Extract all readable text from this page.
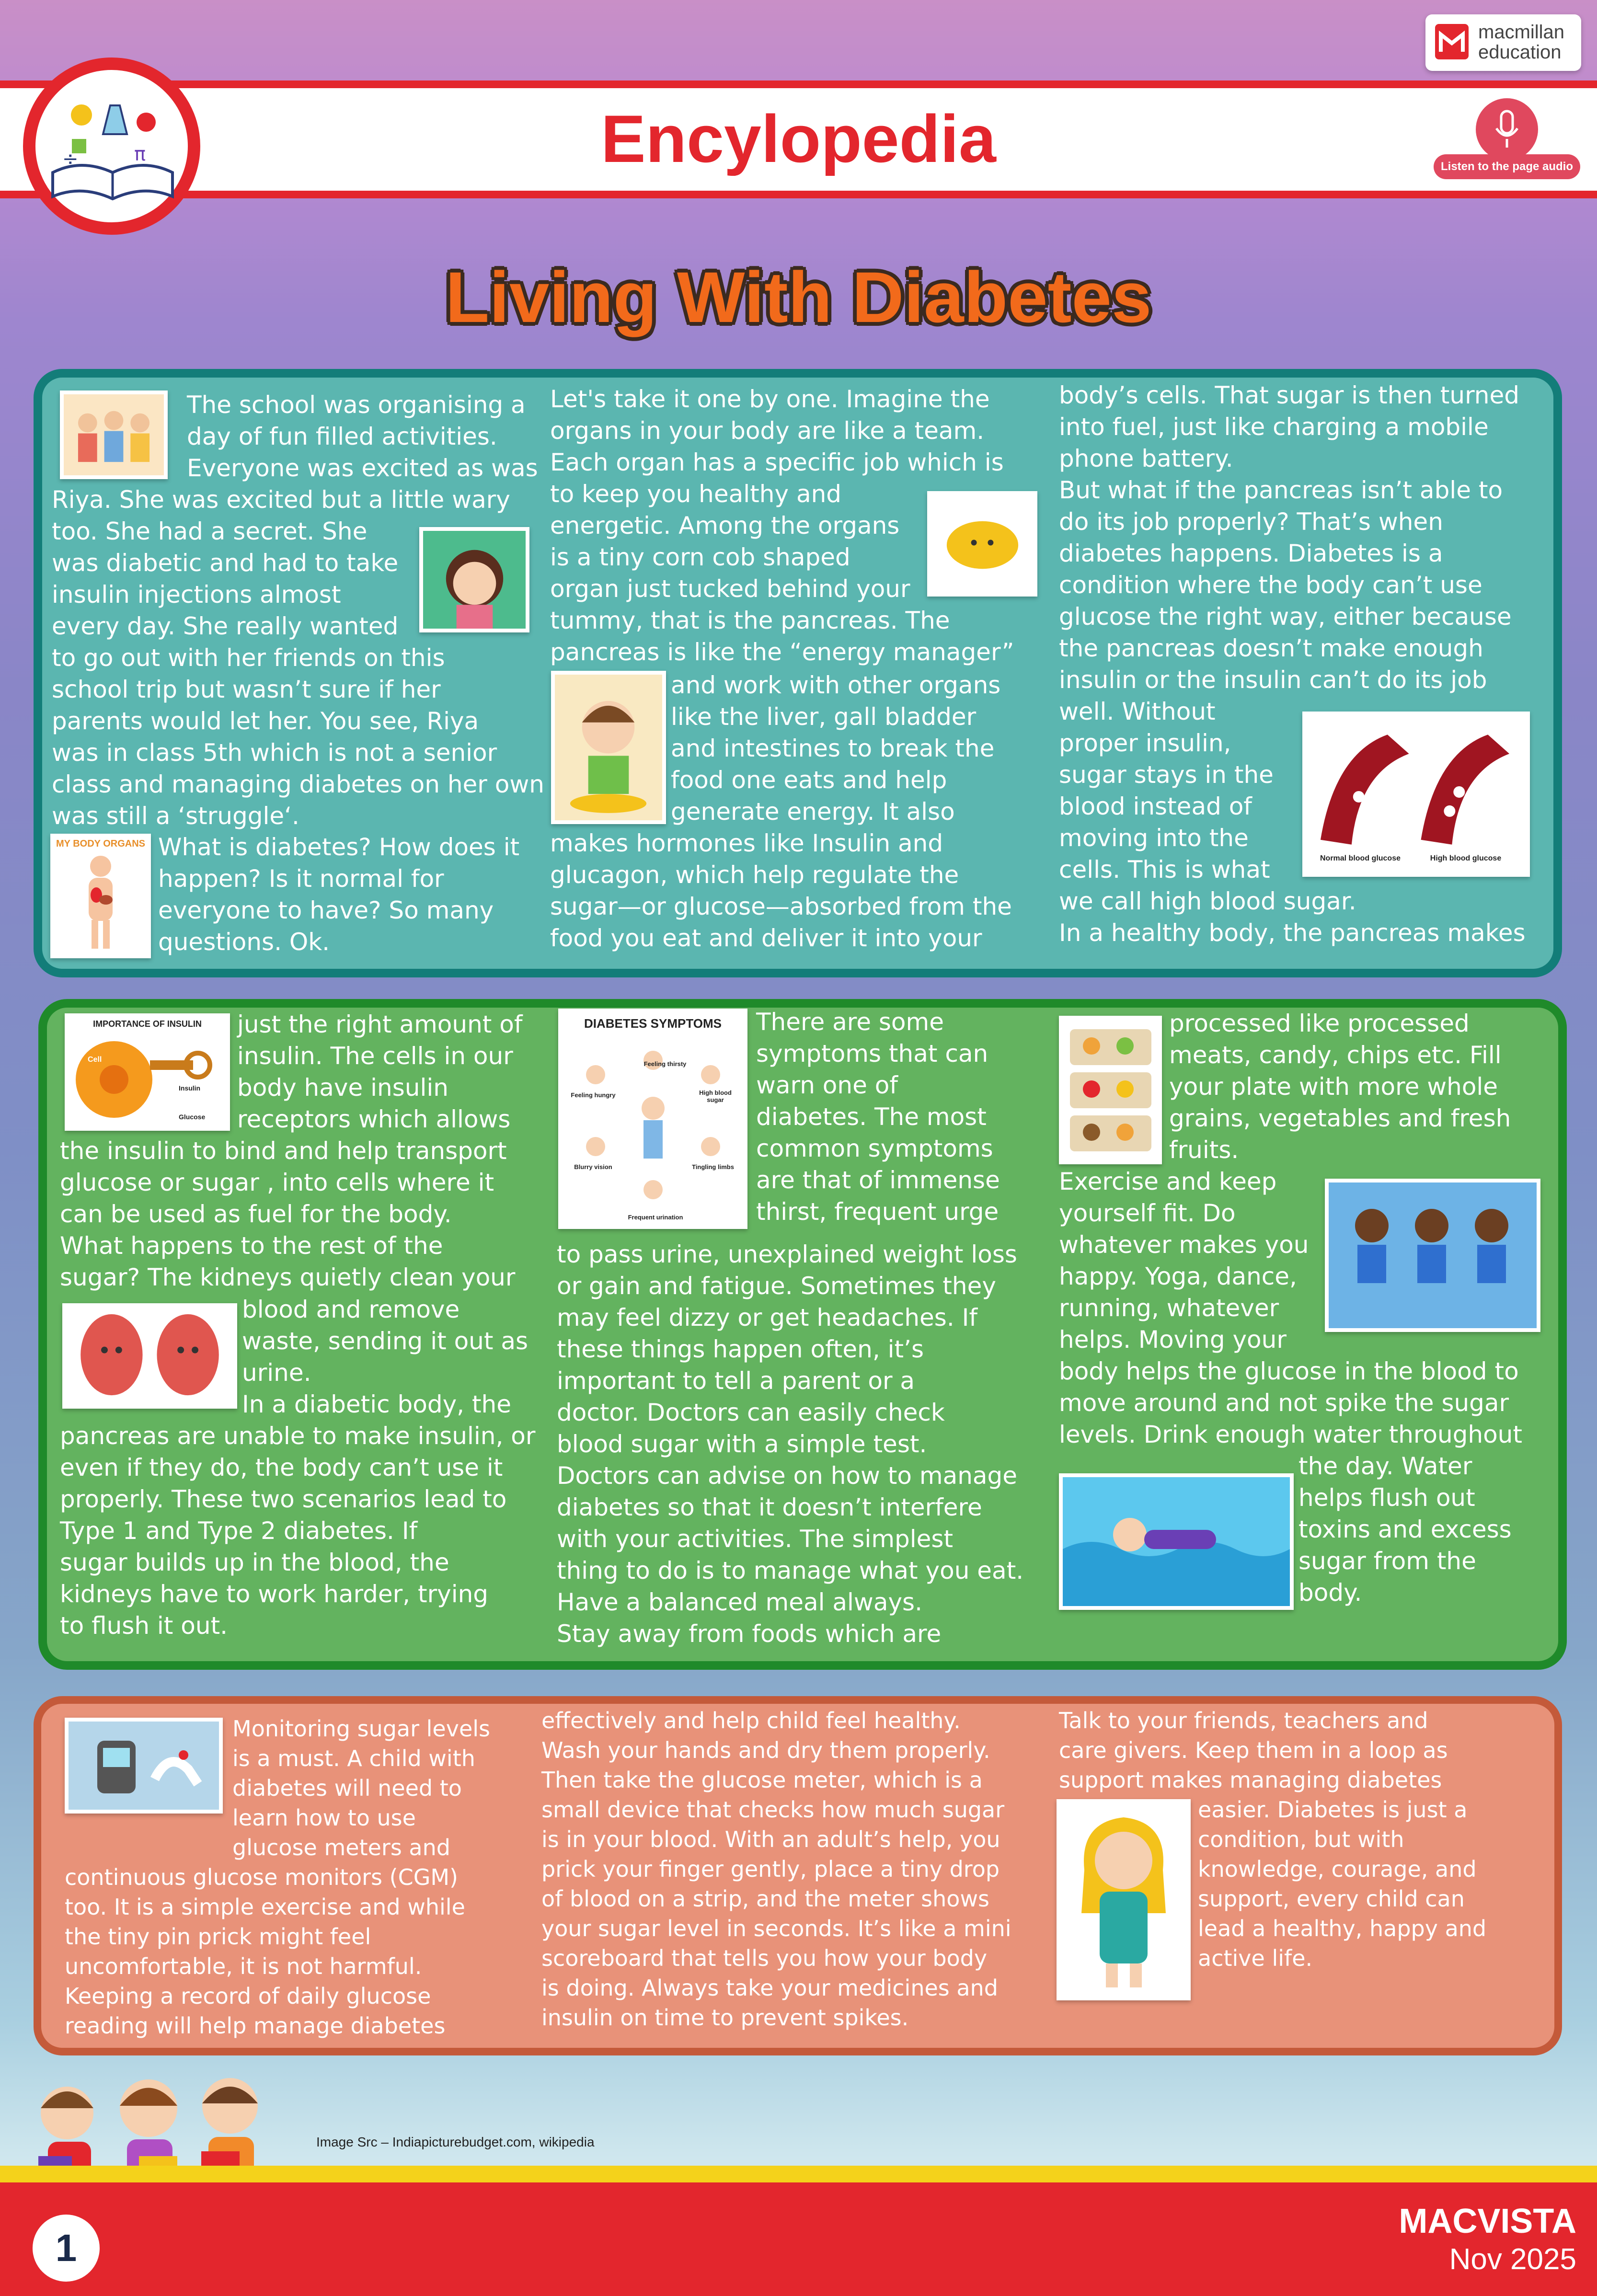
Encylopedia
π
÷
macmillan
education
Listen to the page audio
Living With Diabetes
The school was organising a
day of fun filled activities.
Everyone was excited as was
Riya. She was excited but a little wary
too. She had a secret. She
was diabetic and had to take
insulin injections almost
every day. She really wanted
to go out with her friends on this
school trip but wasn’t sure if her
parents would let her. You see, Riya
was in class 5th which is not a senior
class and managing diabetes on her own
was still a ‘struggle‘.
MY BODY ORGANS What is diabetes? How does it
happen? Is it normal for
everyone to have? So many
questions. Ok.
Let's take it one by one. Imagine the
organs in your body are like a team.
Each organ has a specific job which is
to keep you healthy and
energetic. Among the organs
is a tiny corn cob shaped
organ just tucked behind your
tummy, that is the pancreas. The
pancreas is like the “energy manager”
and work with other organs
like the liver, gall bladder
and intestines to break the
food one eats and help
generate energy. It also
makes hormones like Insulin and
glucagon, which help regulate the
sugar—or glucose—absorbed from the
food you eat and deliver it into your
body’s cells. That sugar is then turned
into fuel, just like charging a mobile
phone battery.
But what if the pancreas isn’t able to
do its job properly? That’s when
diabetes happens. Diabetes is a
condition where the body can’t use
glucose the right way, either because
the pancreas doesn’t make enough
insulin or the insulin can’t do its job
well. Without
proper insulin,
sugar stays in the
blood instead of
moving into the
cells. This is what
we call high blood sugar.
In a healthy body, the pancreas makes
Normal blood glucose	High blood glucose
IMPORTANCE OF INSULIN
Cell
Insulin
Glucose
just the right amount of
insulin. The cells in our
body have insulin
receptors which allows
the insulin to bind and help transport
glucose or sugar , into cells where it
can be used as fuel for the body.
What happens to the rest of the
sugar? The kidneys quietly clean your
blood and remove
waste, sending it out as
urine.
In a diabetic body, the
pancreas are unable to make insulin, or
even if they do, the body can’t use it
properly. These two scenarios lead to
Type 1 and Type 2 diabetes. If
sugar builds up in the blood, the
kidneys have to work harder, trying
to flush it out.
DIABETES SYMPTOMS
Feeling thirsty
Feeling hungry	High blood sugar
Blurry vision	Tingling limbs
Frequent urination
There are some
symptoms that can
warn one of
diabetes. The most
common symptoms
are that of immense
thirst, frequent urge
to pass urine, unexplained weight loss
or gain and fatigue. Sometimes they
may feel dizzy or get headaches. If
these things happen often, it’s
important to tell a parent or a
doctor. Doctors can easily check
blood sugar with a simple test.
Doctors can advise on how to manage
diabetes so that it doesn’t interfere
with your activities. The simplest
thing to do is to manage what you eat.
Have a balanced meal always.
Stay away from foods which are
processed like processed
meats, candy, chips etc. Fill
your plate with more whole
grains, vegetables and fresh
fruits.
Exercise and keep
yourself fit. Do
whatever makes you
happy. Yoga, dance,
running, whatever
helps. Moving your
body helps the glucose in the blood to
move around and not spike the sugar
levels. Drink enough water throughout
the day. Water
helps flush out
toxins and excess
sugar from the
body.
Monitoring sugar levels
is a must. A child with
diabetes will need to
learn how to use
glucose meters and
continuous glucose monitors (CGM)
too. It is a simple exercise and while
the tiny pin prick might feel
uncomfortable, it is not harmful.
Keeping a record of daily glucose
reading will help manage diabetes
effectively and help child feel healthy.
Wash your hands and dry them properly.
Then take the glucose meter, which is a
small device that checks how much sugar
is in your blood. With an adult’s help, you
prick your finger gently, place a tiny drop
of blood on a strip, and the meter shows
your sugar level in seconds. It’s like a mini
scoreboard that tells you how your body
is doing. Always take your medicines and
insulin on time to prevent spikes.
Talk to your friends, teachers and
care givers. Keep them in a loop as
support makes managing diabetes
easier. Diabetes is just a
condition, but with
knowledge, courage, and
support, every child can
lead a healthy, happy and
active life.
Image Src – Indiapicturebudget.com, wikipedia
1
MACVISTA
Nov 2025
